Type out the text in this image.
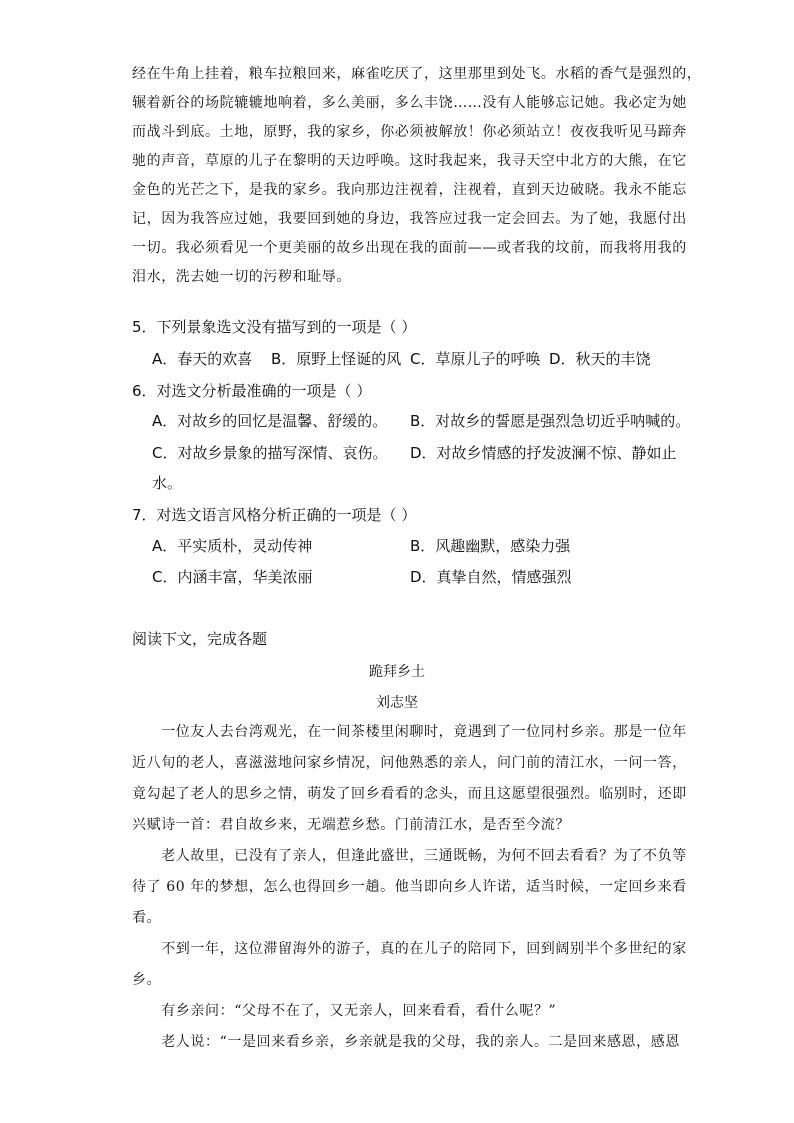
经在牛角上挂着，粮车拉粮回来，麻雀吃厌了，这里那里到处飞。水稻的香气是强烈的，
辗着新谷的场院辘辘地响着，多么美丽，多么丰饶……没有人能够忘记她。我必定为她
而战斗到底。土地，原野，我的家乡，你必须被解放！你必须站立！夜夜我听见马蹄奔
驰的声音，草原的儿子在黎明的天边呼唤。这时我起来，我寻天空中北方的大熊，在它
金色的光芒之下，是我的家乡。我向那边注视着，注视着，直到天边破晓。我永不能忘
记，因为我答应过她，我要回到她的身边，我答应过我一定会回去。为了她，我愿付出
一切。我必须看见一个更美丽的故乡出现在我的面前——或者我的坟前，而我将用我的
泪水，洗去她一切的污秽和耻辱。
5．下列景象选文没有描写到的一项是（ ）
A．春天的欢喜 B．原野上怪诞的风 C．草原儿子的呼唤 D．秋天的丰饶
6．对选文分析最准确的一项是（ ）
A．对故乡的回忆是温馨、舒缓的。 B．对故乡的誓愿是强烈急切近乎呐喊的。
C．对故乡景象的描写深情、哀伤。 D．对故乡情感的抒发波澜不惊、静如止
水。
7．对选文语言风格分析正确的一项是（ ）
A．平实质朴，灵动传神	B．风趣幽默，感染力强
C．内涵丰富，华美浓丽	D．真挚自然，情感强烈
阅读下文，完成各题
跪拜乡土
刘志坚
　　一位友人去台湾观光，在一间茶楼里闲聊时，竟遇到了一位同村乡亲。那是一位年
近八旬的老人，喜滋滋地问家乡情况，问他熟悉的亲人，问门前的清江水，一问一答，
竟勾起了老人的思乡之情，萌发了回乡看看的念头，而且这愿望很强烈。临别时，还即
兴赋诗一首：君自故乡来，无端惹乡愁。门前清江水，是否至今流？
　　老人故里，已没有了亲人，但逢此盛世，三通既畅，为何不回去看看？为了不负等
待了 60 年的梦想，怎么也得回乡一趟。他当即向乡人许诺，适当时候，一定回乡来看
看。
　　不到一年，这位滞留海外的游子，真的在儿子的陪同下，回到阔别半个多世纪的家
乡。
　　有乡亲问：“父母不在了，又无亲人，回来看看，看什么呢？”
　　老人说：“一是回来看乡亲，乡亲就是我的父母，我的亲人。二是回来感恩，感恩
